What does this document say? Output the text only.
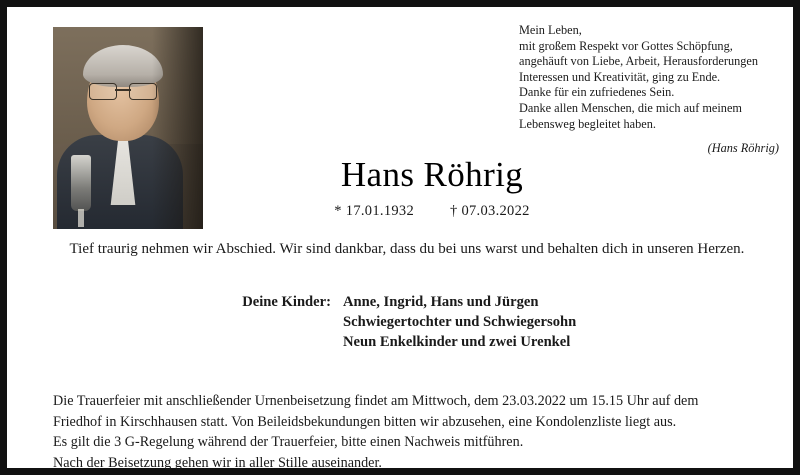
Mein Leben,
mit großem Respekt vor Gottes Schöpfung,
angehäuft von Liebe, Arbeit, Herausforderungen
Interessen und Kreativität, ging zu Ende.
Danke für ein zufriedenes Sein.
Danke allen Menschen, die mich auf meinem
Lebensweg begleitet haben.
(Hans Röhrig)
Hans Röhrig
* 17.01.1932 † 07.03.2022
Tief traurig nehmen wir Abschied. Wir sind dankbar, dass du bei uns warst und behalten dich in unseren Herzen.
Deine Kinder: Anne, Ingrid, Hans und Jürgen
Schwiegertochter und Schwiegersohn
Neun Enkelkinder und zwei Urenkel

Die Trauerfeier mit anschließender Urnenbeisetzung findet am Mittwoch, dem 23.03.2022 um 15.15 Uhr auf dem

Friedhof in Kirschhausen statt. Von Beileidsbekundungen bitten wir abzusehen, eine Kondolenzliste liegt aus.

Es gilt die 3 G-Regelung während der Trauerfeier, bitte einen Nachweis mitführen.

Nach der Beisetzung gehen wir in aller Stille auseinander.
